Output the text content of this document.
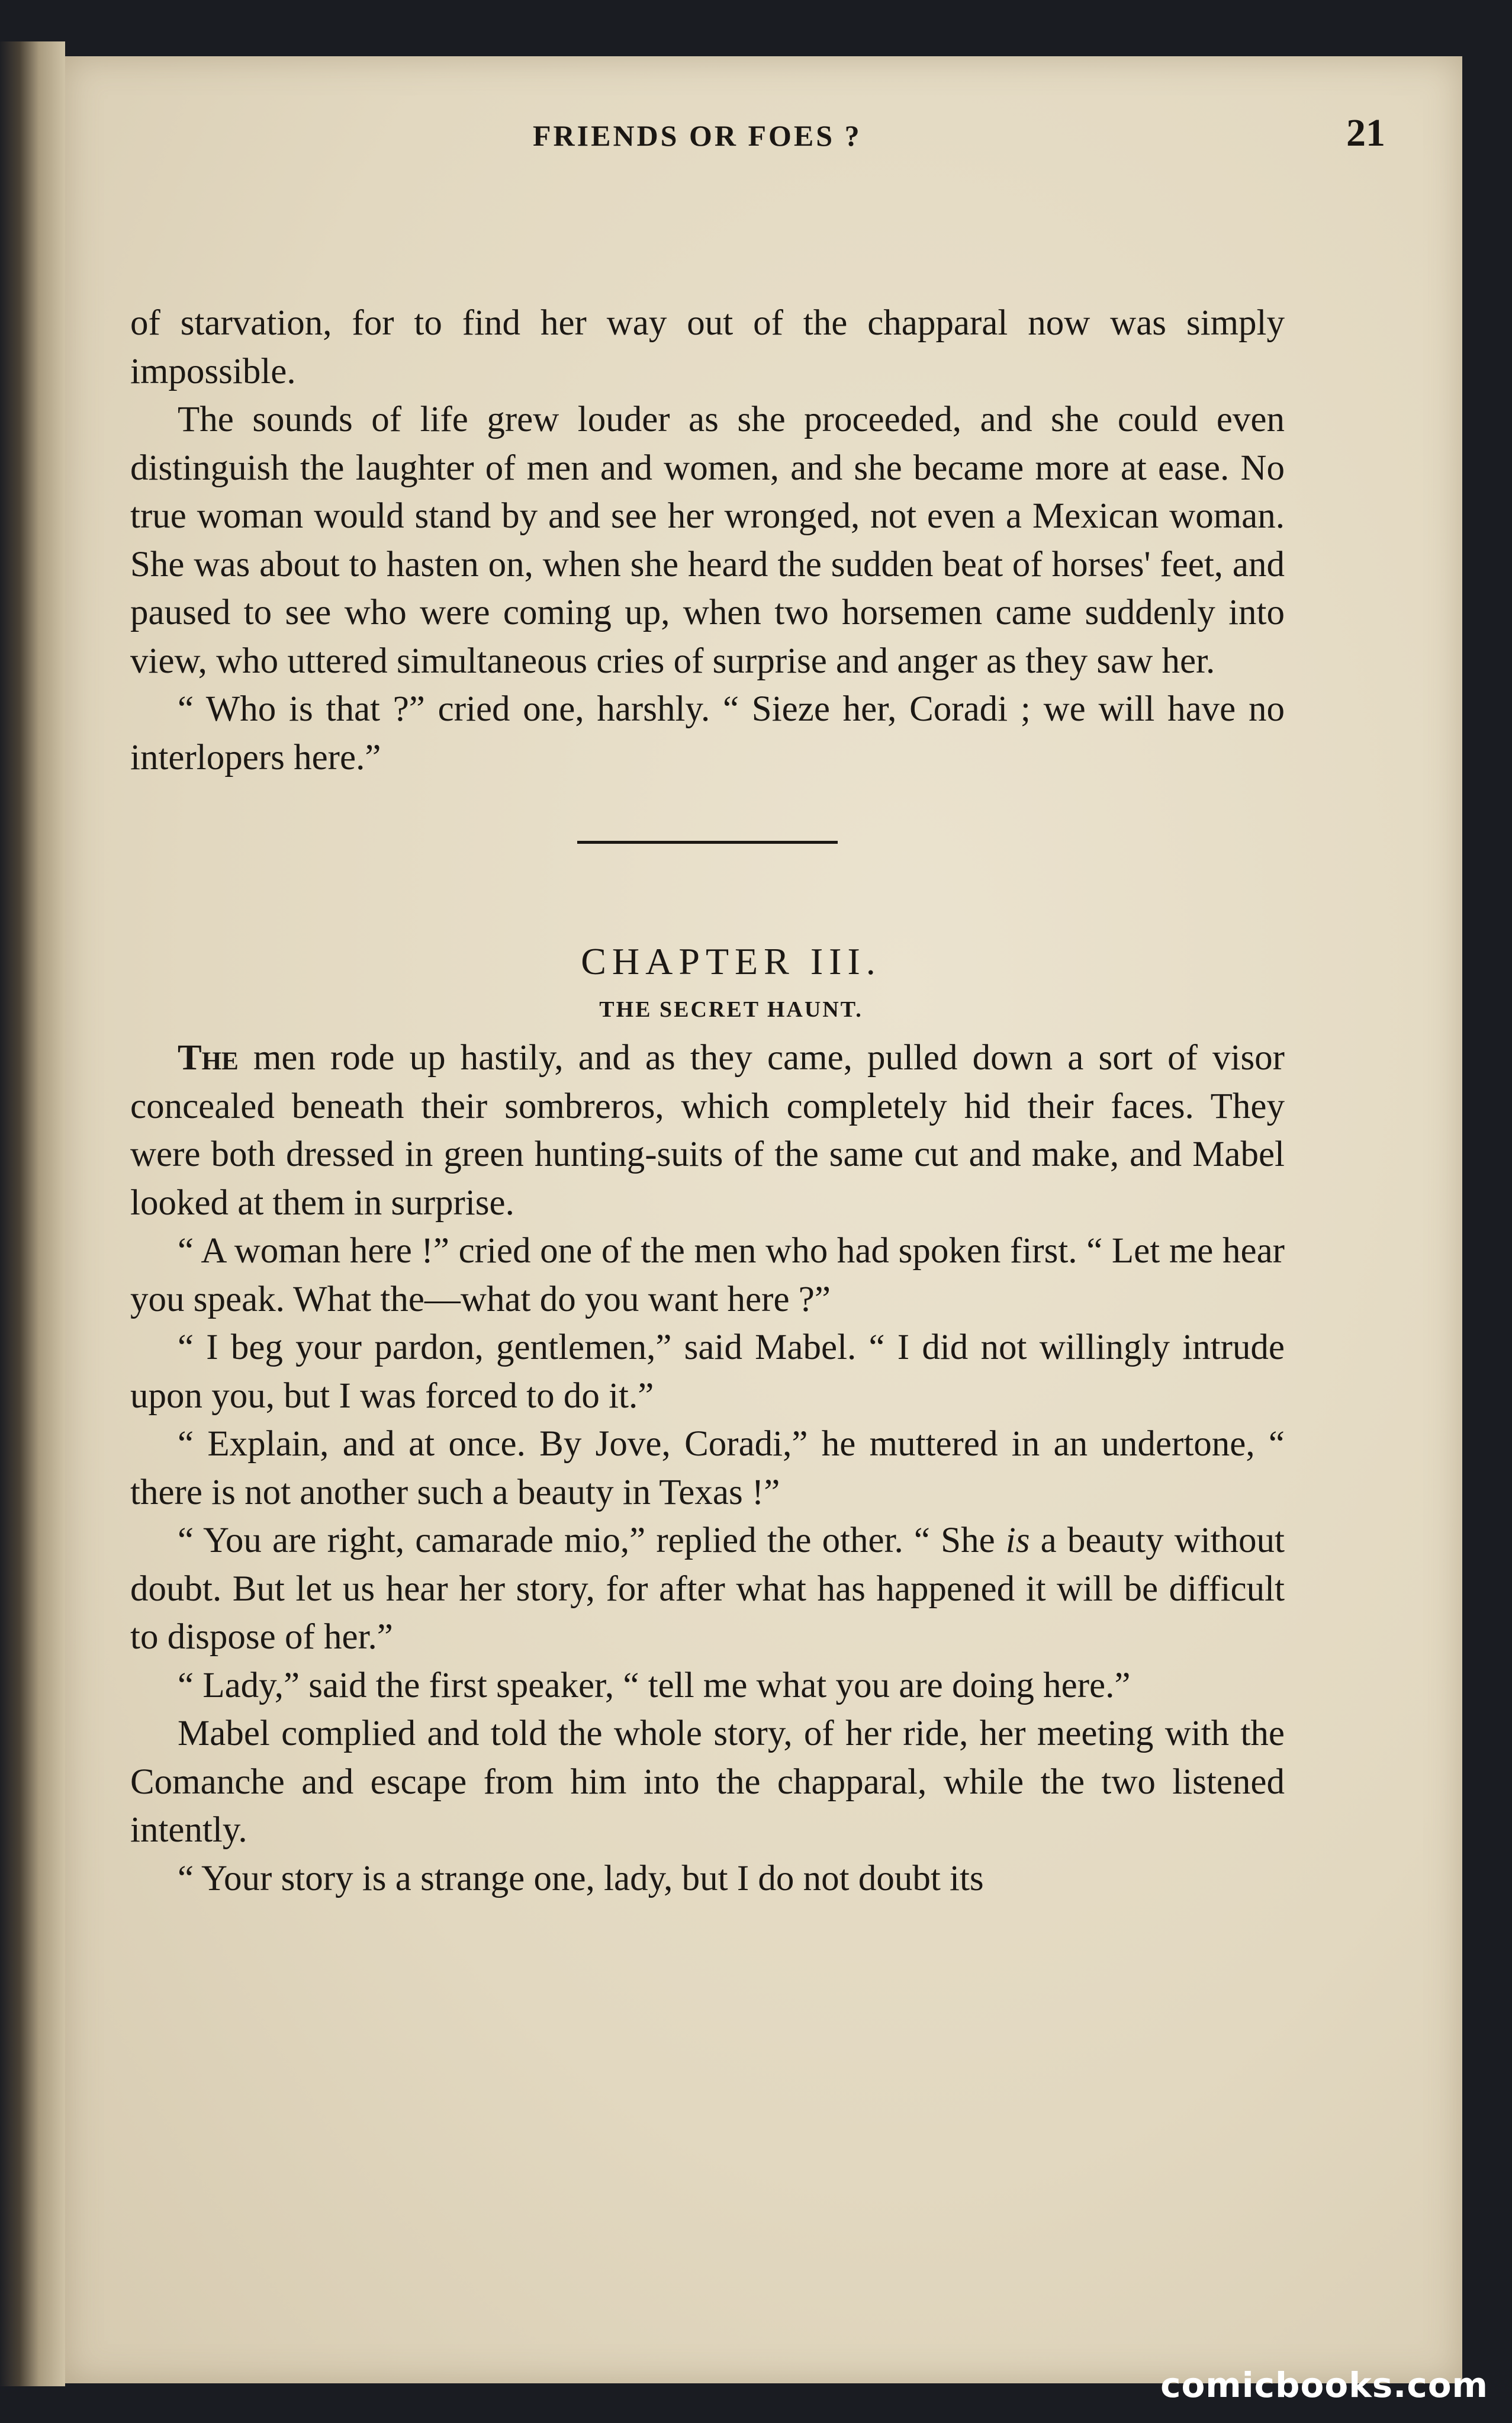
FRIENDS OR FOES ?	21

of starvation, for to find her way out of the chapparal now was simply impossible.

The sounds of life grew louder as she proceeded, and she could even distinguish the laughter of men and women, and she became more at ease. No true woman would stand by and see her wronged, not even a Mexican woman. She was about to hasten on, when she heard the sudden beat of horses' feet, and paused to see who were coming up, when two horsemen came suddenly into view, who uttered simultaneous cries of surprise and anger as they saw her.

“ Who is that ?” cried one, harshly. “ Sieze her, Coradi ; we will have no interlopers here.”

CHAPTER III.

THE SECRET HAUNT.

The men rode up hastily, and as they came, pulled down a sort of visor concealed beneath their sombreros, which completely hid their faces. They were both dressed in green hunting-suits of the same cut and make, and Mabel looked at them in surprise.

“ A woman here !” cried one of the men who had spoken first. “ Let me hear you speak. What the—what do you want here ?”

“ I beg your pardon, gentlemen,” said Mabel. “ I did not willingly intrude upon you, but I was forced to do it.”

“ Explain, and at once. By Jove, Coradi,” he muttered in an undertone, “ there is not another such a beauty in Texas !”

“ You are right, camarade mio,” replied the other. “ She is a beauty without doubt. But let us hear her story, for after what has happened it will be difficult to dispose of her.”

“ Lady,” said the first speaker, “ tell me what you are doing here.”

Mabel complied and told the whole story, of her ride, her meeting with the Comanche and escape from him into the chapparal, while the two listened intently.

“ Your story is a strange one, lady, but I do not doubt its

comicbooks.com
